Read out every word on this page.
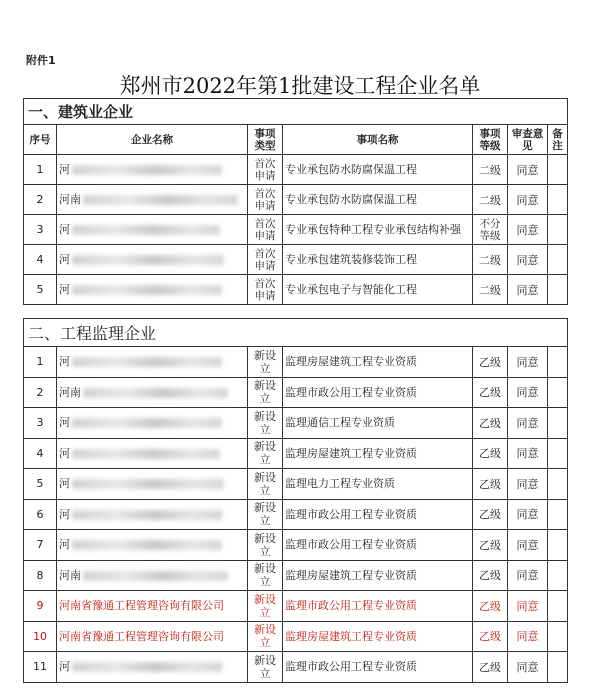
附件1
郑州市2022年第1批建设工程企业名单
一、建筑业企业						
序号	企业名称	事项类型	事项名称	事项等级	审查意见	备注
1	河	首次申请	专业承包防水防腐保温工程	二级	同意	
2	河南	首次申请	专业承包防水防腐保温工程	二级	同意	
3	河	首次申请	专业承包特种工程专业承包结构补强	不分等级	同意	
4	河	首次申请	专业承包建筑装修装饰工程	二级	同意	
5	河	首次申请	专业承包电子与智能化工程	二级	同意	
二、工程监理企业						
1	河	新设立	监理房屋建筑工程专业资质	乙级	同意	
2	河南	新设立	监理市政公用工程专业资质	乙级	同意	
3	河	新设立	监理通信工程专业资质	乙级	同意	
4	河	新设立	监理房屋建筑工程专业资质	乙级	同意	
5	河	新设立	监理电力工程专业资质	乙级	同意	
6	河	新设立	监理市政公用工程专业资质	乙级	同意	
7	河	新设立	监理市政公用工程专业资质	乙级	同意	
8	河南	新设立	监理房屋建筑工程专业资质	乙级	同意	
9	河南省豫通工程管理咨询有限公司	新设立	监理市政公用工程专业资质	乙级	同意	
10	河南省豫通工程管理咨询有限公司	新设立	监理房屋建筑工程专业资质	乙级	同意	
11	河	新设立	监理市政公用工程专业资质	乙级	同意	
